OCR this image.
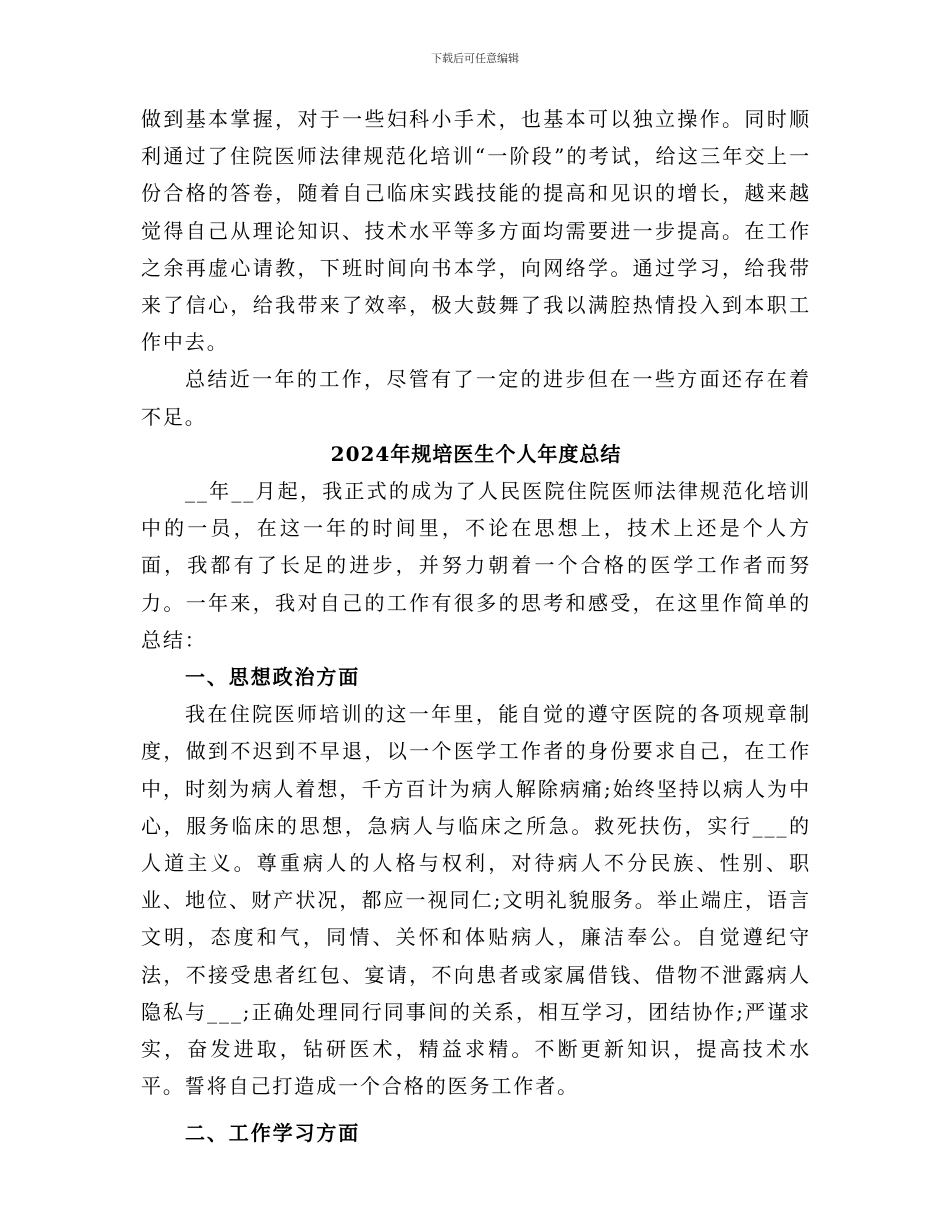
下载后可任意编辑

做到基本掌握，对于一些妇科小手术，也基本可以独立操作。同时顺利通过了住院医师法律规范化培训“一阶段”的考试，给这三年交上一份合格的答卷，随着自己临床实践技能的提高和见识的增长，越来越觉得自己从理论知识、技术水平等多方面均需要进一步提高。在工作之余再虚心请教，下班时间向书本学，向网络学。通过学习，给我带来了信心，给我带来了效率，极大鼓舞了我以满腔热情投入到本职工作中去。

总结近一年的工作，尽管有了一定的进步但在一些方面还存在着不足。

2024年规培医生个人年度总结

__年__月起，我正式的成为了人民医院住院医师法律规范化培训中的一员，在这一年的时间里，不论在思想上，技术上还是个人方面，我都有了长足的进步，并努力朝着一个合格的医学工作者而努力。一年来，我对自己的工作有很多的思考和感受，在这里作简单的总结：

一、思想政治方面

我在住院医师培训的这一年里，能自觉的遵守医院的各项规章制度，做到不迟到不早退，以一个医学工作者的身份要求自己，在工作中，时刻为病人着想，千方百计为病人解除病痛;始终坚持以病人为中心，服务临床的思想，急病人与临床之所急。救死扶伤，实行___的人道主义。尊重病人的人格与权利，对待病人不分民族、性别、职业、地位、财产状况，都应一视同仁;文明礼貌服务。举止端庄，语言文明，态度和气，同情、关怀和体贴病人，廉洁奉公。自觉遵纪守法，不接受患者红包、宴请，不向患者或家属借钱、借物不泄露病人隐私与___;正确处理同行同事间的关系，相互学习，团结协作;严谨求实，奋发进取，钻研医术，精益求精。不断更新知识，提高技术水平。誓将自己打造成一个合格的医务工作者。

二、工作学习方面
